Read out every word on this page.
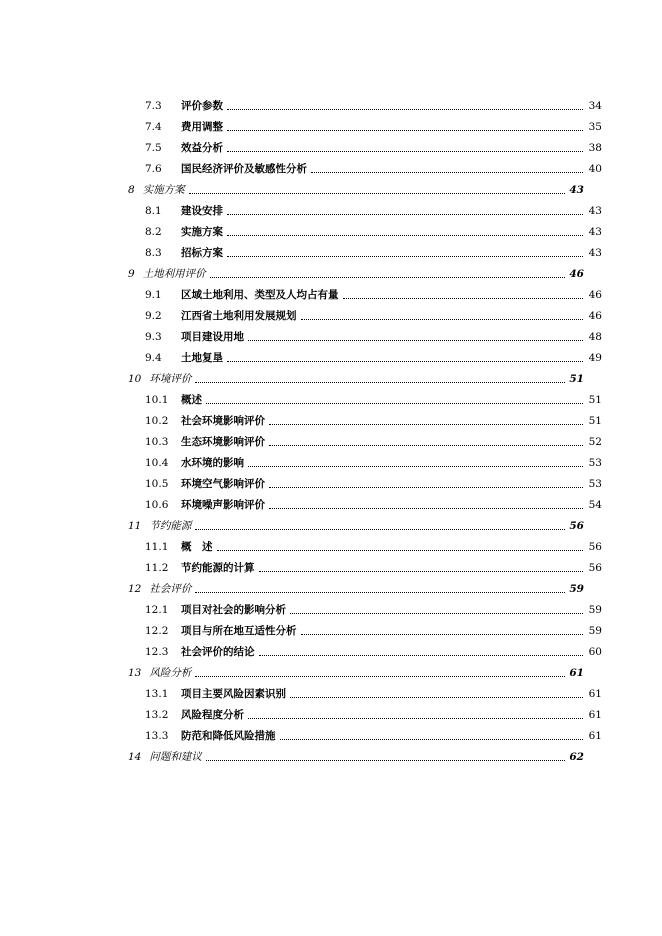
7.3	评价参数	34
7.4	费用调整	35
7.5	效益分析	38
7.6	国民经济评价及敏感性分析	40
8 实施方案	43
8.1	建设安排	43
8.2	实施方案	43
8.3	招标方案	43
9 土地利用评价	46
9.1	区域土地利用、类型及人均占有量	46
9.2	江西省土地利用发展规划	46
9.3	项目建设用地	48
9.4	土地复垦	49
10 环境评价	51
10.1	概述	51
10.2	社会环境影响评价	51
10.3	生态环境影响评价	52
10.4	水环境的影响	53
10.5	环境空气影响评价	53
10.6	环境噪声影响评价	54
11 节约能源	56
11.1	概　述	56
11.2	节约能源的计算	56
12 社会评价	59
12.1	项目对社会的影响分析	59
12.2	项目与所在地互适性分析	59
12.3	社会评价的结论	60
13 风险分析	61
13.1	项目主要风险因素识别	61
13.2	风险程度分析	61
13.3	防范和降低风险措施	61
14 问题和建议	62
